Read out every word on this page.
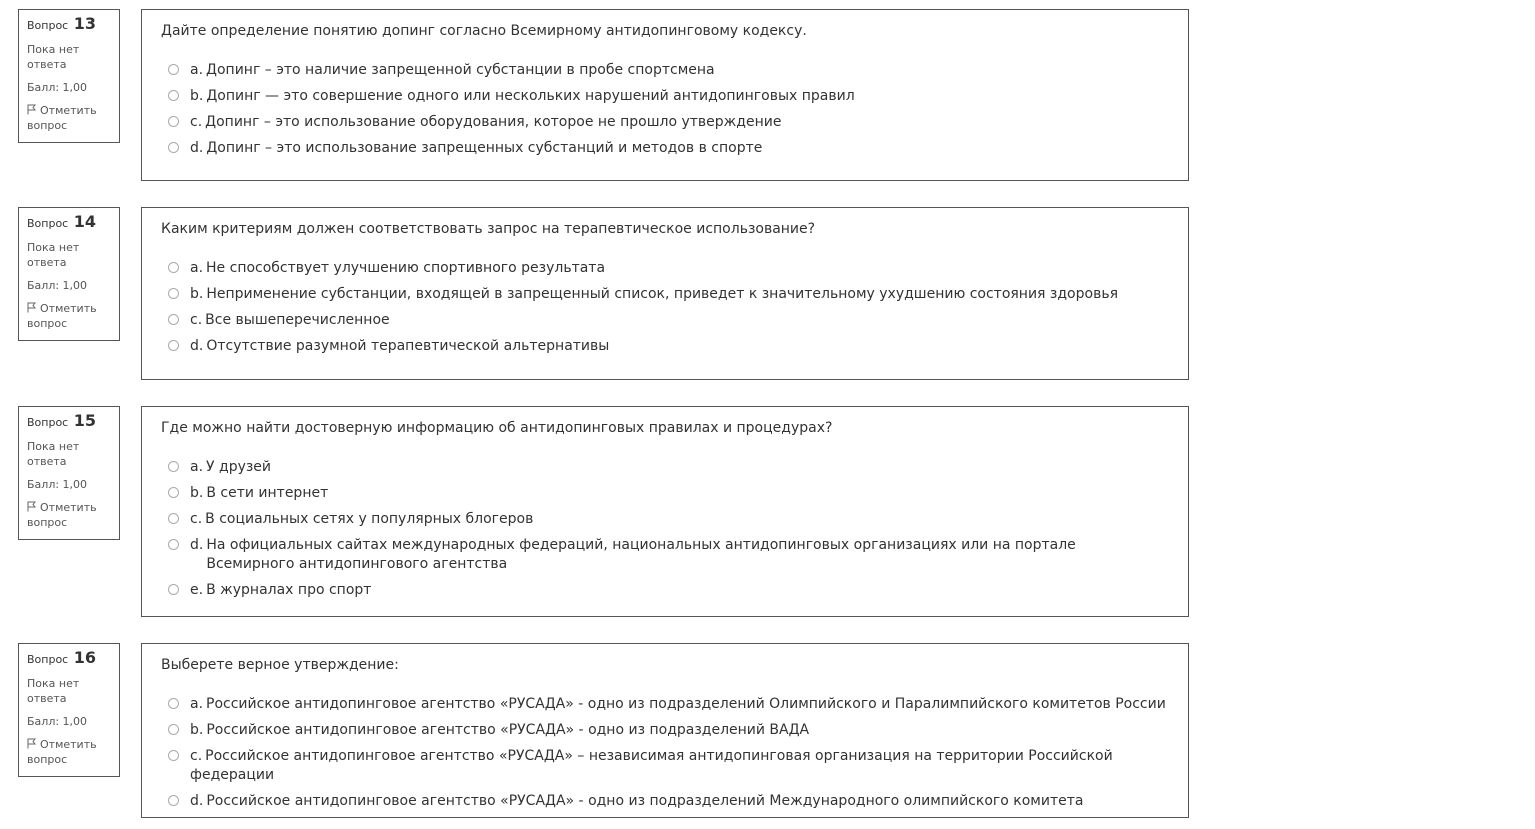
Вопрос 13
Пока нет ответа
Балл: 1,00
Отметить вопрос
Дайте определение понятию допинг согласно Всемирному антидопинговому кодексу.
a. Допинг – это наличие запрещенной субстанции в пробе спортсмена
b. Допинг — это совершение одного или нескольких нарушений антидопинговых правил
c. Допинг – это использование оборудования, которое не прошло утверждение
d. Допинг – это использование запрещенных субстанций и методов в спорте
Вопрос 14
Пока нет ответа
Балл: 1,00
Отметить вопрос
Каким критериям должен соответствовать запрос на терапевтическое использование?
a. Не способствует улучшению спортивного результата
b. Неприменение субстанции, входящей в запрещенный список, приведет к значительному ухудшению состояния здоровья
c. Все вышеперечисленное
d. Отсутствие разумной терапевтической альтернативы
Вопрос 15
Пока нет ответа
Балл: 1,00
Отметить вопрос
Где можно найти достоверную информацию об антидопинговых правилах и процедурах?
a. У друзей
b. В сети интернет
c. В социальных сетях у популярных блогеров
d. На официальных сайтах международных федераций, национальных антидопинговых организациях или на портале Всемирного антидопингового агентства
e. В журналах про спорт
Вопрос 16
Пока нет ответа
Балл: 1,00
Отметить вопрос
Выберете верное утверждение:
a. Российское антидопинговое агентство «РУСАДА» - одно из подразделений Олимпийского и Паралимпийского комитетов России
b. Российское антидопинговое агентство «РУСАДА» - одно из подразделений ВАДА
c. Российское антидопинговое агентство «РУСАДА» – независимая антидопинговая организация на территории Российской федерации
d. Российское антидопинговое агентство «РУСАДА» - одно из подразделений Международного олимпийского комитета
